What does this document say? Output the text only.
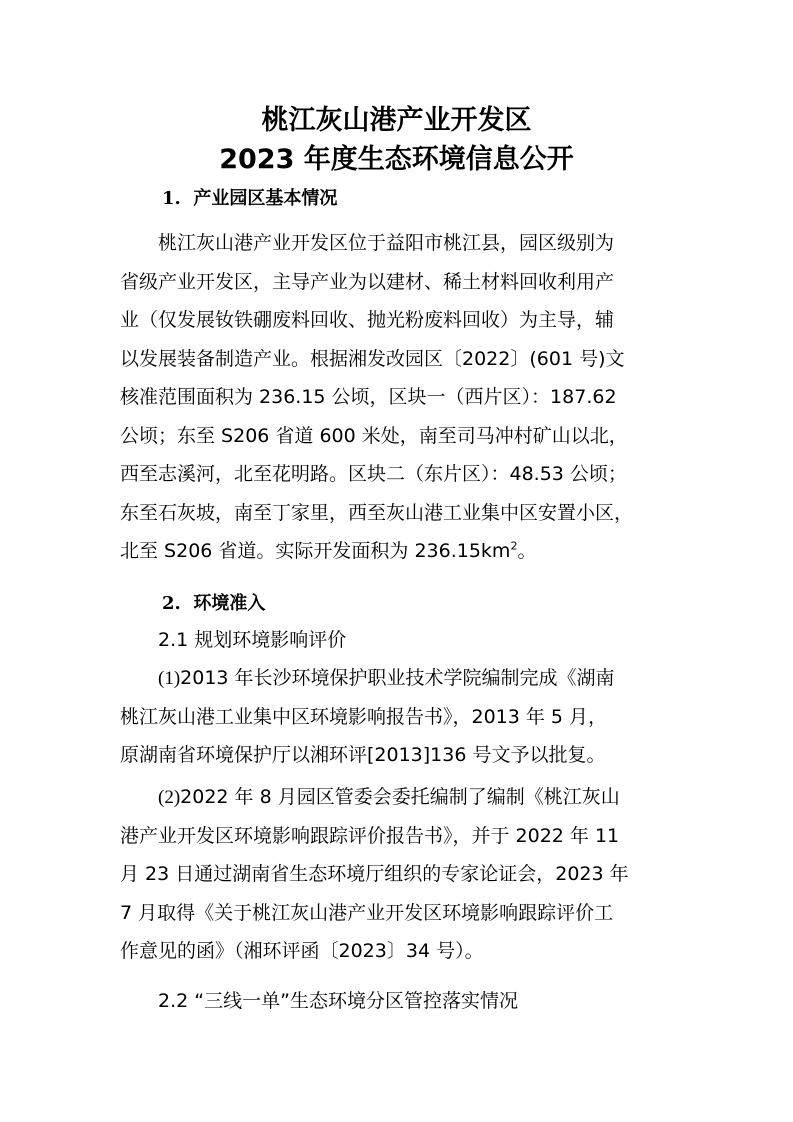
桃江灰山港产业开发区
2023 年度生态环境信息公开
1. 产业园区基本情况
桃江灰山港产业开发区位于益阳市桃江县，园区级别为
省级产业开发区，主导产业为以建材、稀土材料回收利用产
业（仅发展钕铁硼废料回收、抛光粉废料回收）为主导，辅
以发展装备制造产业。根据湘发改园区〔2022〕(601 号)文
核准范围面积为 236.15 公顷，区块一（西片区）：187.62
公顷；东至 S206 省道 600 米处，南至司马冲村矿山以北，
西至志溪河，北至花明路。区块二（东片区）：48.53 公顷；
东至石灰坡，南至丁家里，西至灰山港工业集中区安置小区，
北至 S206 省道。实际开发面积为 $236.15km^2$。
2. 环境准入
2.1 规划环境影响评价
(1)2013 年长沙环境保护职业技术学院编制完成《湖南
桃江灰山港工业集中区环境影响报告书》，2013 年 5 月，
原湖南省环境保护厅以湘环评[2013]136 号文予以批复。
(2)2022 年 8 月园区管委会委托编制了编制《桃江灰山
港产业开发区环境影响跟踪评价报告书》，并于 2022 年 11
月 23 日通过湖南省生态环境厅组织的专家论证会，2023 年
7 月取得《关于桃江灰山港产业开发区环境影响跟踪评价工
作意见的函》（湘环评函〔2023〕34 号）。
2.2 “三线一单”生态环境分区管控落实情况
